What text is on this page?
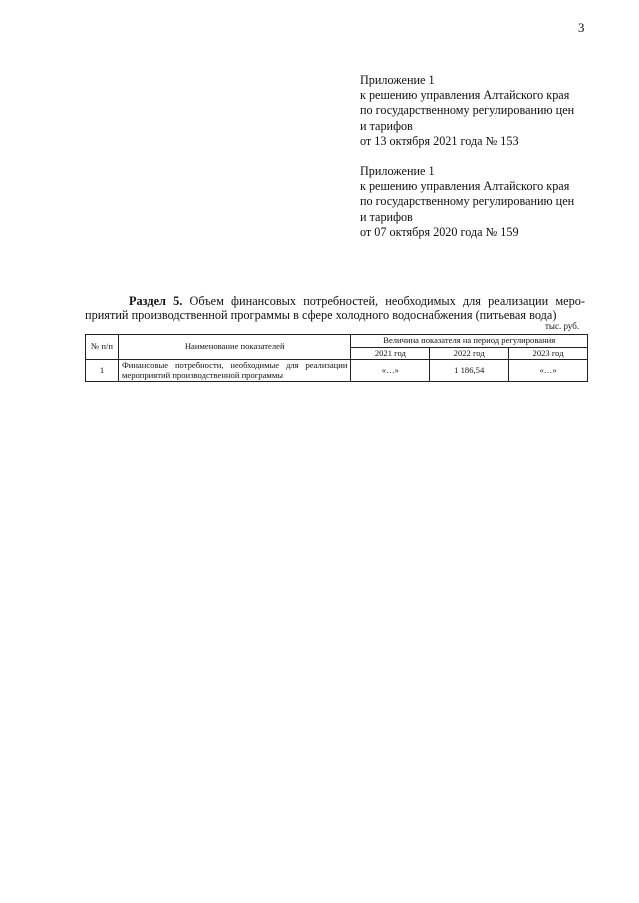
3
Приложение 1
к решению управления Алтайского края
по государственному регулированию цен
и тарифов
от 13 октября 2021 года № 153
Приложение 1
к решению управления Алтайского края
по государственному регулированию цен
и тарифов
от 07 октября 2020 года № 159
Раздел 5. Объем финансовых потребностей, необходимых для реализации меро-
приятий производственной программы в сфере холодного водоснабжения (питьевая вода)
тыс. руб.
№ п/п	Наименование показателей	Величина показателя на период регулирования		
		2021 год	2022 год	2023 год
1	Финансовые потребности, необходимые для реализации мероприятий производственной программы	«…»	1 186,54	«…»
